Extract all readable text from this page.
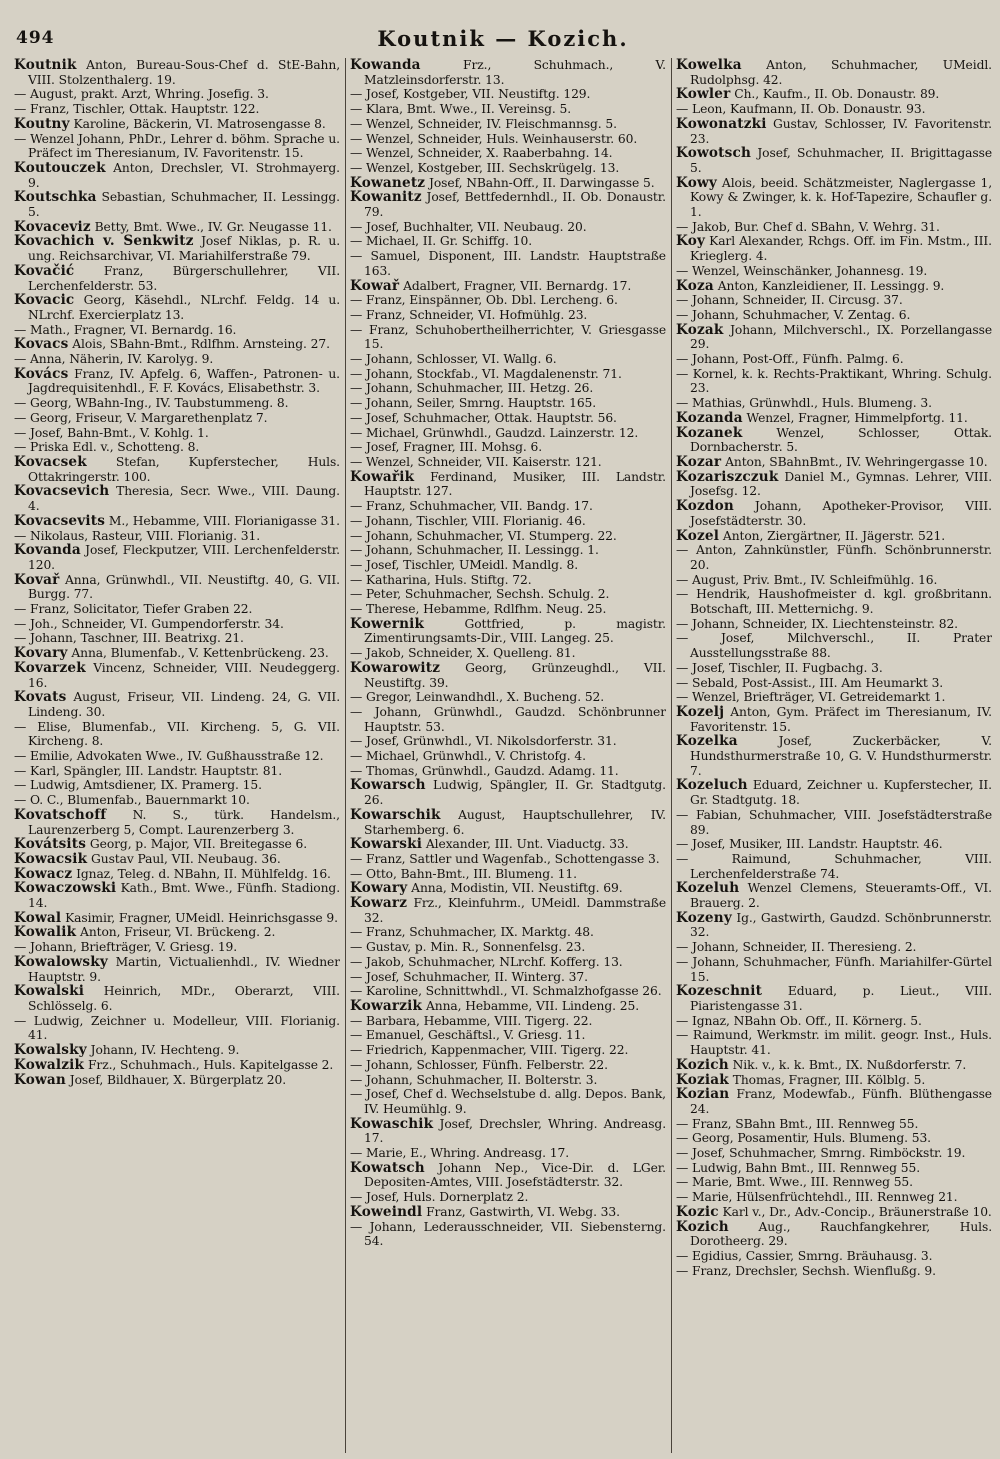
494	Koutnik — Kozich.

Koutnik Anton, Bureau-Sous-Chef d. StE-Bahn, VIII. Stolzenthalerg. 19.

— August, prakt. Arzt, Whring. Josefig. 3.

— Franz, Tischler, Ottak. Hauptstr. 122.

Koutny Karoline, Bäckerin, VI. Matrosengasse 8.

— Wenzel Johann, PhDr., Lehrer d. böhm. Sprache u. Präfect im Theresianum, IV. Favoritenstr. 15.

Koutouczek Anton, Drechsler, VI. Strohmayerg. 9.

Koutschka Sebastian, Schuhmacher, II. Lessingg. 5.

Kovaceviz Betty, Bmt. Wwe., IV. Gr. Neugasse 11.

Kovachich v. Senkwitz Josef Niklas, p. R. u. ung. Reichsarchivar, VI. Mariahilferstraße 79.

Kovačić Franz, Bürgerschullehrer, VII. Lerchenfelderstr. 53.

Kovacic Georg, Käsehdl., NLrchf. Feldg. 14 u. NLrchf. Exercierplatz 13.

— Math., Fragner, VI. Bernardg. 16.

Kovacs Alois, SBahn-Bmt., Rdlfhm. Arnsteing. 27.

— Anna, Näherin, IV. Karolyg. 9.

Kovács Franz, IV. Apfelg. 6, Waffen-, Patronen- u. Jagdrequisitenhdl., F. F. Kovács, Elisabethstr. 3.

— Georg, WBahn-Ing., IV. Taubstummeng. 8.

— Georg, Friseur, V. Margarethenplatz 7.

— Josef, Bahn-Bmt., V. Kohlg. 1.

— Priska Edl. v., Schotteng. 8.

Kovacsek Stefan, Kupferstecher, Huls. Ottakringerstr. 100.

Kovacsevich Theresia, Secr. Wwe., VIII. Daung. 4.

Kovacsevits M., Hebamme, VIII. Florianigasse 31.

— Nikolaus, Rasteur, VIII. Florianig. 31.

Kovanda Josef, Fleckputzer, VIII. Lerchenfelderstr. 120.

Kovař Anna, Grünwhdl., VII. Neustiftg. 40, G. VII. Burgg. 77.

— Franz, Solicitator, Tiefer Graben 22.

— Joh., Schneider, VI. Gumpendorferstr. 34.

— Johann, Taschner, III. Beatrixg. 21.

Kovary Anna, Blumenfab., V. Kettenbrückeng. 23.

Kovarzek Vincenz, Schneider, VIII. Neudeggerg. 16.

Kovats August, Friseur, VII. Lindeng. 24, G. VII. Lindeng. 30.

— Elise, Blumenfab., VII. Kircheng. 5, G. VII. Kircheng. 8.

— Emilie, Advokaten Wwe., IV. Gußhausstraße 12.

— Karl, Spängler, III. Landstr. Hauptstr. 81.

— Ludwig, Amtsdiener, IX. Pramerg. 15.

— O. C., Blumenfab., Bauernmarkt 10.

Kovatschoff N. S., türk. Handelsm., Laurenzerberg 5, Compt. Laurenzerberg 3.

Kovátsits Georg, p. Major, VII. Breitegasse 6.

Kowacsik Gustav Paul, VII. Neubaug. 36.

Kowacz Ignaz, Teleg. d. NBahn, II. Mühlfeldg. 16.

Kowaczowski Kath., Bmt. Wwe., Fünfh. Stadiong. 14.

Kowal Kasimir, Fragner, UMeidl. Heinrichsgasse 9.

Kowalik Anton, Friseur, VI. Brückeng. 2.

— Johann, Briefträger, V. Griesg. 19.

Kowalowsky Martin, Victualienhdl., IV. Wiedner Hauptstr. 9.

Kowalski Heinrich, MDr., Oberarzt, VIII. Schlösselg. 6.

— Ludwig, Zeichner u. Modelleur, VIII. Florianig. 41.

Kowalsky Johann, IV. Hechteng. 9.

Kowalzik Frz., Schuhmach., Huls. Kapitelgasse 2.

Kowan Josef, Bildhauer, X. Bürgerplatz 20.

Kowanda Frz., Schuhmach., V. Matzleinsdorferstr. 13.

— Josef, Kostgeber, VII. Neustiftg. 129.

— Klara, Bmt. Wwe., II. Vereinsg. 5.

— Wenzel, Schneider, IV. Fleischmannsg. 5.

— Wenzel, Schneider, Huls. Weinhauserstr. 60.

— Wenzel, Schneider, X. Raaberbahng. 14.

— Wenzel, Kostgeber, III. Sechskrügelg. 13.

Kowanetz Josef, NBahn-Off., II. Darwingasse 5.

Kowanitz Josef, Bettfedernhdl., II. Ob. Donaustr. 79.

— Josef, Buchhalter, VII. Neubaug. 20.

— Michael, II. Gr. Schiffg. 10.

— Samuel, Disponent, III. Landstr. Hauptstraße 163.

Kowař Adalbert, Fragner, VII. Bernardg. 17.

— Franz, Einspänner, Ob. Dbl. Lercheng. 6.

— Franz, Schneider, VI. Hofmühlg. 23.

— Franz, Schuhobertheilherrichter, V. Griesgasse 15.

— Johann, Schlosser, VI. Wallg. 6.

— Johann, Stockfab., VI. Magdalenenstr. 71.

— Johann, Schuhmacher, III. Hetzg. 26.

— Johann, Seiler, Smrng. Hauptstr. 165.

— Josef, Schuhmacher, Ottak. Hauptstr. 56.

— Michael, Grünwhdl., Gaudzd. Lainzerstr. 12.

— Josef, Fragner, III. Mohsg. 6.

— Wenzel, Schneider, VII. Kaiserstr. 121.

Kowařik Ferdinand, Musiker, III. Landstr. Hauptstr. 127.

— Franz, Schuhmacher, VII. Bandg. 17.

— Johann, Tischler, VIII. Florianig. 46.

— Johann, Schuhmacher, VI. Stumperg. 22.

— Johann, Schuhmacher, II. Lessingg. 1.

— Josef, Tischler, UMeidl. Mandlg. 8.

— Katharina, Huls. Stiftg. 72.

— Peter, Schuhmacher, Sechsh. Schulg. 2.

— Therese, Hebamme, Rdlfhm. Neug. 25.

Kowernik Gottfried, p. magistr. Zimentirungsamts-Dir., VIII. Langeg. 25.

— Jakob, Schneider, X. Quelleng. 81.

Kowarowitz Georg, Grünzeughdl., VII. Neustiftg. 39.

— Gregor, Leinwandhdl., X. Bucheng. 52.

— Johann, Grünwhdl., Gaudzd. Schönbrunner Hauptstr. 53.

— Josef, Grünwhdl., VI. Nikolsdorferstr. 31.

— Michael, Grünwhdl., V. Christofg. 4.

— Thomas, Grünwhdl., Gaudzd. Adamg. 11.

Kowarsch Ludwig, Spängler, II. Gr. Stadtgutg. 26.

Kowarschik August, Hauptschullehrer, IV. Starhemberg. 6.

Kowarski Alexander, III. Unt. Viaductg. 33.

— Franz, Sattler und Wagenfab., Schottengasse 3.

— Otto, Bahn-Bmt., III. Blumeng. 11.

Kowary Anna, Modistin, VII. Neustiftg. 69.

Kowarz Frz., Kleinfuhrm., UMeidl. Dammstraße 32.

— Franz, Schuhmacher, IX. Marktg. 48.

— Gustav, p. Min. R., Sonnenfelsg. 23.

— Jakob, Schuhmacher, NLrchf. Kofferg. 13.

— Josef, Schuhmacher, II. Winterg. 37.

— Karoline, Schnittwhdl., VI. Schmalzhofgasse 26.

Kowarzik Anna, Hebamme, VII. Lindeng. 25.

— Barbara, Hebamme, VIII. Tigerg. 22.

— Emanuel, Geschäftsl., V. Griesg. 11.

— Friedrich, Kappenmacher, VIII. Tigerg. 22.

— Johann, Schlosser, Fünfh. Felberstr. 22.

— Johann, Schuhmacher, II. Bolterstr. 3.

— Josef, Chef d. Wechselstube d. allg. Depos. Bank, IV. Heumühlg. 9.

Kowaschik Josef, Drechsler, Whring. Andreasg. 17.

— Marie, E., Whring. Andreasg. 17.

Kowatsch Johann Nep., Vice-Dir. d. LGer. Depositen-Amtes, VIII. Josefstädterstr. 32.

— Josef, Huls. Dornerplatz 2.

Koweindl Franz, Gastwirth, VI. Webg. 33.

— Johann, Lederausschneider, VII. Siebensterng. 54.

Kowelka Anton, Schuhmacher, UMeidl. Rudolphsg. 42.

Kowler Ch., Kaufm., II. Ob. Donaustr. 89.

— Leon, Kaufmann, II. Ob. Donaustr. 93.

Kowonatzki Gustav, Schlosser, IV. Favoritenstr. 23.

Kowotsch Josef, Schuhmacher, II. Brigittagasse 5.

Kowy Alois, beeid. Schätzmeister, Naglergasse 1, Kowy & Zwinger, k. k. Hof-Tapezire, Schaufler g. 1.

— Jakob, Bur. Chef d. SBahn, V. Wehrg. 31.

Koy Karl Alexander, Rchgs. Off. im Fin. Mstm., III. Krieglerg. 4.

— Wenzel, Weinschänker, Johannesg. 19.

Koza Anton, Kanzleidiener, II. Lessingg. 9.

— Johann, Schneider, II. Circusg. 37.

— Johann, Schuhmacher, V. Zentag. 6.

Kozak Johann, Milchverschl., IX. Porzellangasse 29.

— Johann, Post-Off., Fünfh. Palmg. 6.

— Kornel, k. k. Rechts-Praktikant, Whring. Schulg. 23.

— Mathias, Grünwhdl., Huls. Blumeng. 3.

Kozanda Wenzel, Fragner, Himmelpfortg. 11.

Kozanek Wenzel, Schlosser, Ottak. Dornbacherstr. 5.

Kozar Anton, SBahnBmt., IV. Wehringergasse 10.

Kozariszczuk Daniel M., Gymnas. Lehrer, VIII. Josefsg. 12.

Kozdon Johann, Apotheker-Provisor, VIII. Josefstädterstr. 30.

Kozel Anton, Ziergärtner, II. Jägerstr. 521.

— Anton, Zahnkünstler, Fünfh. Schönbrunnerstr. 20.

— August, Priv. Bmt., IV. Schleifmühlg. 16.

— Hendrik, Haushofmeister d. kgl. großbritann. Botschaft, III. Metternichg. 9.

— Johann, Schneider, IX. Liechtensteinstr. 82.

— Josef, Milchverschl., II. Prater Ausstellungsstraße 88.

— Josef, Tischler, II. Fugbachg. 3.

— Sebald, Post-Assist., III. Am Heumarkt 3.

— Wenzel, Briefträger, VI. Getreidemarkt 1.

Kozelj Anton, Gym. Präfect im Theresianum, IV. Favoritenstr. 15.

Kozelka Josef, Zuckerbäcker, V. Hundsthurmerstraße 10, G. V. Hundsthurmerstr. 7.

Kozeluch Eduard, Zeichner u. Kupferstecher, II. Gr. Stadtgutg. 18.

— Fabian, Schuhmacher, VIII. Josefstädterstraße 89.

— Josef, Musiker, III. Landstr. Hauptstr. 46.

— Raimund, Schuhmacher, VIII. Lerchenfelderstraße 74.

Kozeluh Wenzel Clemens, Steueramts-Off., VI. Brauerg. 2.

Kozeny Ig., Gastwirth, Gaudzd. Schönbrunnerstr. 32.

— Johann, Schneider, II. Theresieng. 2.

— Johann, Schuhmacher, Fünfh. Mariahilfer-Gürtel 15.

Kozeschnit Eduard, p. Lieut., VIII. Piaristengasse 31.

— Ignaz, NBahn Ob. Off., II. Körnerg. 5.

— Raimund, Werkmstr. im milit. geogr. Inst., Huls. Hauptstr. 41.

Kozich Nik. v., k. k. Bmt., IX. Nußdorferstr. 7.

Koziak Thomas, Fragner, III. Kölblg. 5.

Kozian Franz, Modewfab., Fünfh. Blüthengasse 24.

— Franz, SBahn Bmt., III. Rennweg 55.

— Georg, Posamentir, Huls. Blumeng. 53.

— Josef, Schuhmacher, Smrng. Rimböckstr. 19.

— Ludwig, Bahn Bmt., III. Rennweg 55.

— Marie, Bmt. Wwe., III. Rennweg 55.

— Marie, Hülsenfrüchtehdl., III. Rennweg 21.

Kozic Karl v., Dr., Adv.-Concip., Bräunerstraße 10.

Kozich Aug., Rauchfangkehrer, Huls. Dorotheerg. 29.

— Egidius, Cassier, Smrng. Bräuhausg. 3.

— Franz, Drechsler, Sechsh. Wienflußg. 9.
